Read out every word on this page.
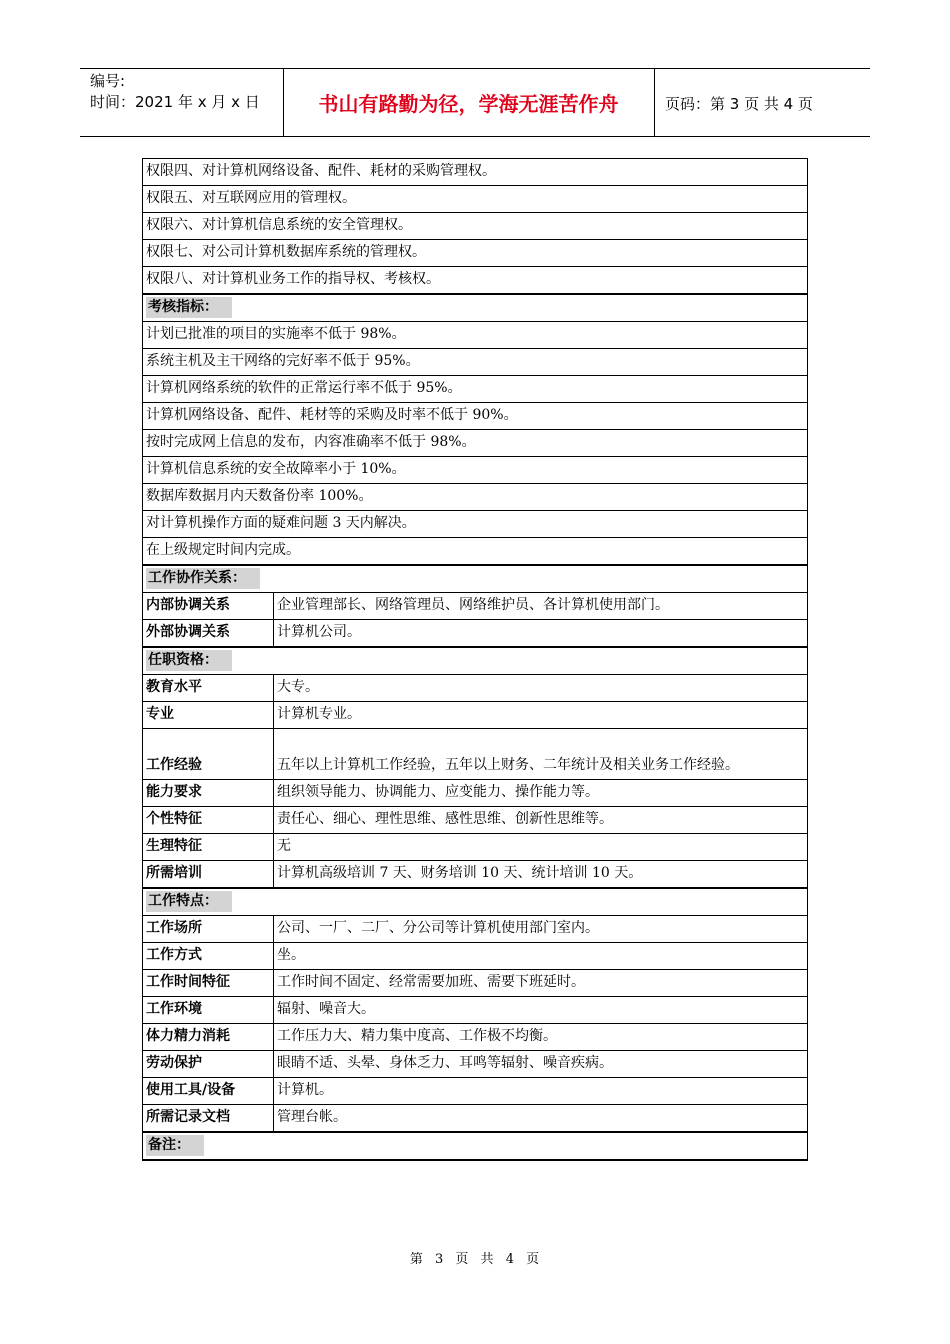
编号:
时间：2021 年 x 月 x 日	书山有路勤为径，学海无涯苦作舟	页码：第 3 页 共 4 页
权限四、对计算机网络设备、配件、耗材的采购管理权。	
权限五、对互联网应用的管理权。	
权限六、对计算机信息系统的安全管理权。	
权限七、对公司计算机数据库系统的管理权。	
权限八、对计算机业务工作的指导权、考核权。	
考核指标：	
计划已批准的项目的实施率不低于 98%。	
系统主机及主干网络的完好率不低于 95%。	
计算机网络系统的软件的正常运行率不低于 95%。	
计算机网络设备、配件、耗材等的采购及时率不低于 90%。	
按时完成网上信息的发布，内容准确率不低于 98%。	
计算机信息系统的安全故障率小于 10%。	
数据库数据月内天数备份率 100%。	
对计算机操作方面的疑难问题 3 天内解决。	
在上级规定时间内完成。	
工作协作关系：	
内部协调关系	企业管理部长、网络管理员、网络维护员、各计算机使用部门。
外部协调关系	计算机公司。
任职资格：	
教育水平	大专。
专业	计算机专业。
工作经验	五年以上计算机工作经验，五年以上财务、二年统计及相关业务工作经验。
能力要求	组织领导能力、协调能力、应变能力、操作能力等。
个性特征	责任心、细心、理性思维、感性思维、创新性思维等。
生理特征	无
所需培训	计算机高级培训 7 天、财务培训 10 天、统计培训 10 天。
工作特点：	
工作场所	公司、一厂、二厂、分公司等计算机使用部门室内。
工作方式	坐。
工作时间特征	工作时间不固定、经常需要加班、需要下班延时。
工作环境	辐射、噪音大。
体力精力消耗	工作压力大、精力集中度高、工作极不均衡。
劳动保护	眼睛不适、头晕、身体乏力、耳鸣等辐射、噪音疾病。
使用工具/设备	计算机。
所需记录文档	管理台帐。
备注：	
第 3 页 共 4 页
